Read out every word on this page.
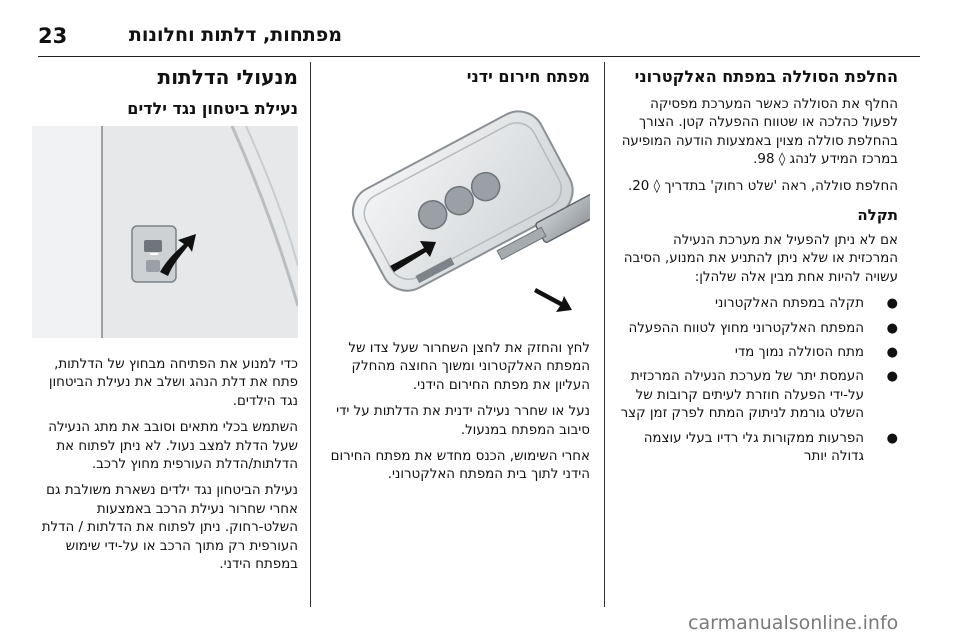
מפתחות, דלתות וחלונות
23
החלפת הסוללה במפתח האלקטרוני

החלף את הסוללה כאשר המערכת מפסיקה לפעול כהלכה או שטווח ההפעלה קטן. הצורך בהחלפת סוללה מצוין באמצעות הודעה המופיעה במרכז המידע לנהג ◊ 98.

החלפת סוללה, ראה 'שלט רחוק' בתדריך ◊ 20.

תקלה

אם לא ניתן להפעיל את מערכת הנעילה המרכזית או שלא ניתן להתניע את המנוע, הסיבה עשויה להיות אחת מבין אלה שלהלן:

●
תקלה במפתח האלקטרוני
●
המפתח האלקטרוני מחוץ לטווח ההפעלה
●
מתח הסוללה נמוך מדי
●
העמסת יתר של מערכת הנעילה המרכזית על-ידי הפעלה חוזרת לעיתים קרובות של השלט גורמת לניתוק המתח לפרק זמן קצר
●
הפרעות ממקורות גלי רדיו בעלי עוצמה גדולה יותר
מפתח חירום ידני

לחץ והחזק את לחצן השחרור שעל צדו של המפתח האלקטרוני ומשוך החוצה מהחלק העליון את מפתח החירום הידני.

נעל או שחרר נעילה ידנית את הדלתות על ידי סיבוב המפתח במנעול.

אחרי השימוש, הכנס מחדש את מפתח החירום הידני לתוך בית המפתח האלקטרוני.

מנעולי הדלתות
נעילת ביטחון נגד ילדים

כדי למנוע את הפתיחה מבחוץ של הדלתות, פתח את דלת הנהג ושלב את נעילת הביטחון נגד הילדים.

השתמש בכלי מתאים וסובב את מתג הנעילה שעל הדלת למצב נעול. לא ניתן לפתוח את הדלתות/הדלת העורפית מחוץ לרכב.

נעילת הביטחון נגד ילדים נשארת משולבת גם אחרי שחרור נעילת הרכב באמצעות השלט-רחוק. ניתן לפתוח את הדלתות / הדלת העורפית רק מתוך הרכב או על-ידי שימוש במפתח הידני.

carmanualsonline.info
